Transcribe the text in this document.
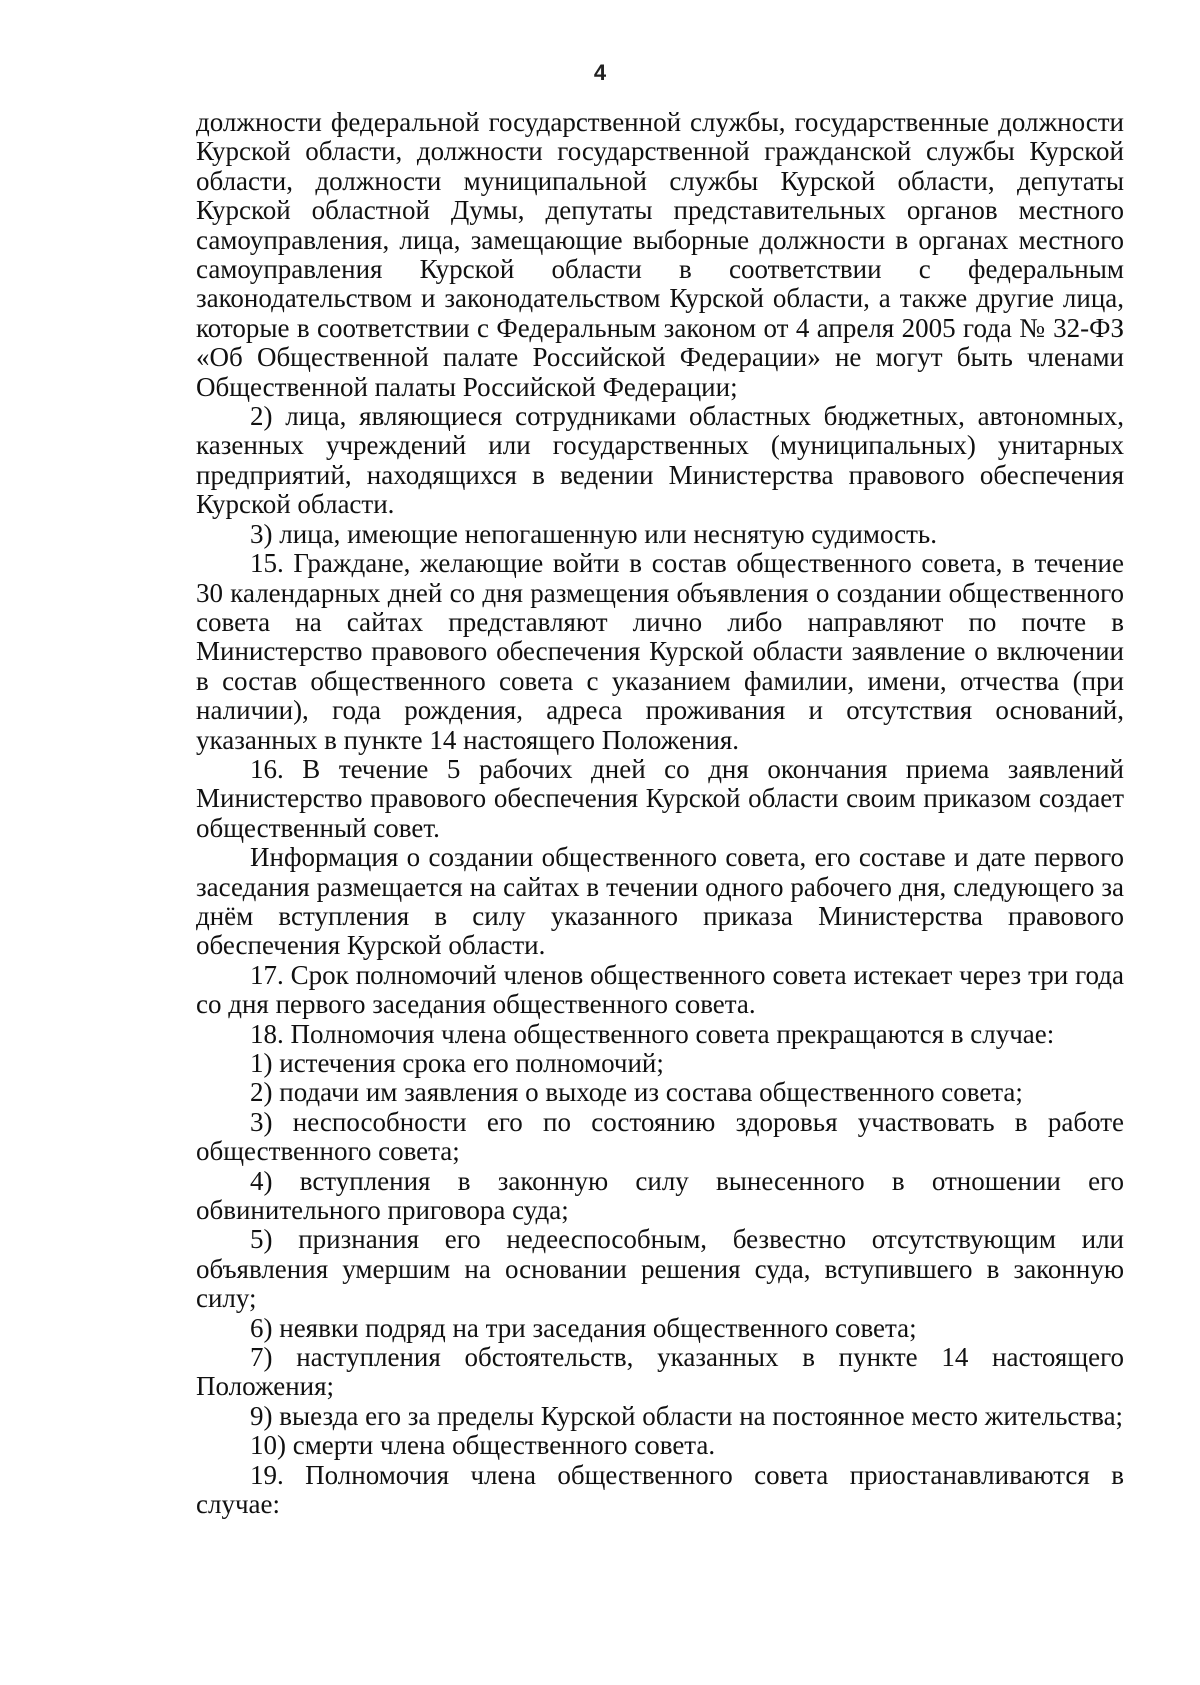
4

должности федеральной государственной службы, государственные должности Курской области, должности государственной гражданской службы Курской области, должности муниципальной службы Курской области, депутаты Курской областной Думы, депутаты представительных органов местного самоуправления, лица, замещающие выборные должности в органах местного самоуправления Курской области в соответствии с федеральным законодательством и законодательством Курской области, а также другие лица, которые в соответствии с Федеральным законом от 4 апреля 2005 года № 32-ФЗ «Об Общественной палате Российской Федерации» не могут быть членами Общественной палаты Российской Федерации;

2) лица, являющиеся сотрудниками областных бюджетных, автономных, казенных учреждений или государственных (муниципальных) унитарных предприятий, находящихся в ведении Министерства правового обеспечения Курской области.

3) лица, имеющие непогашенную или неснятую судимость.

15. Граждане, желающие войти в состав общественного совета, в течение 30 календарных дней со дня размещения объявления о создании общественного совета на сайтах представляют лично либо направляют по почте в Министерство правового обеспечения Курской области заявление о включении в состав общественного совета с указанием фамилии, имени, отчества (при наличии), года рождения, адреса проживания и отсутствия оснований, указанных в пункте 14 настоящего Положения.

16. В течение 5 рабочих дней со дня окончания приема заявлений Министерство правового обеспечения Курской области своим приказом создает общественный совет.

Информация о создании общественного совета, его составе и дате первого заседания размещается на сайтах в течении одного рабочего дня, следующего за днём вступления в силу указанного приказа Министерства правового обеспечения Курской области.

17. Срок полномочий членов общественного совета истекает через три года со дня первого заседания общественного совета.

18. Полномочия члена общественного совета прекращаются в случае:

1) истечения срока его полномочий;

2) подачи им заявления о выходе из состава общественного совета;

3) неспособности его по состоянию здоровья участвовать в работе общественного совета;

4) вступления в законную силу вынесенного в отношении его обвинительного приговора суда;

5) признания его недееспособным, безвестно отсутствующим или объявления умершим на основании решения суда, вступившего в законную силу;

6) неявки подряд на три заседания общественного совета;

7) наступления обстоятельств, указанных в пункте 14 настоящего Положения;

9) выезда его за пределы Курской области на постоянное место жительства;

10) смерти члена общественного совета.

19. Полномочия члена общественного совета приостанавливаются в случае:
